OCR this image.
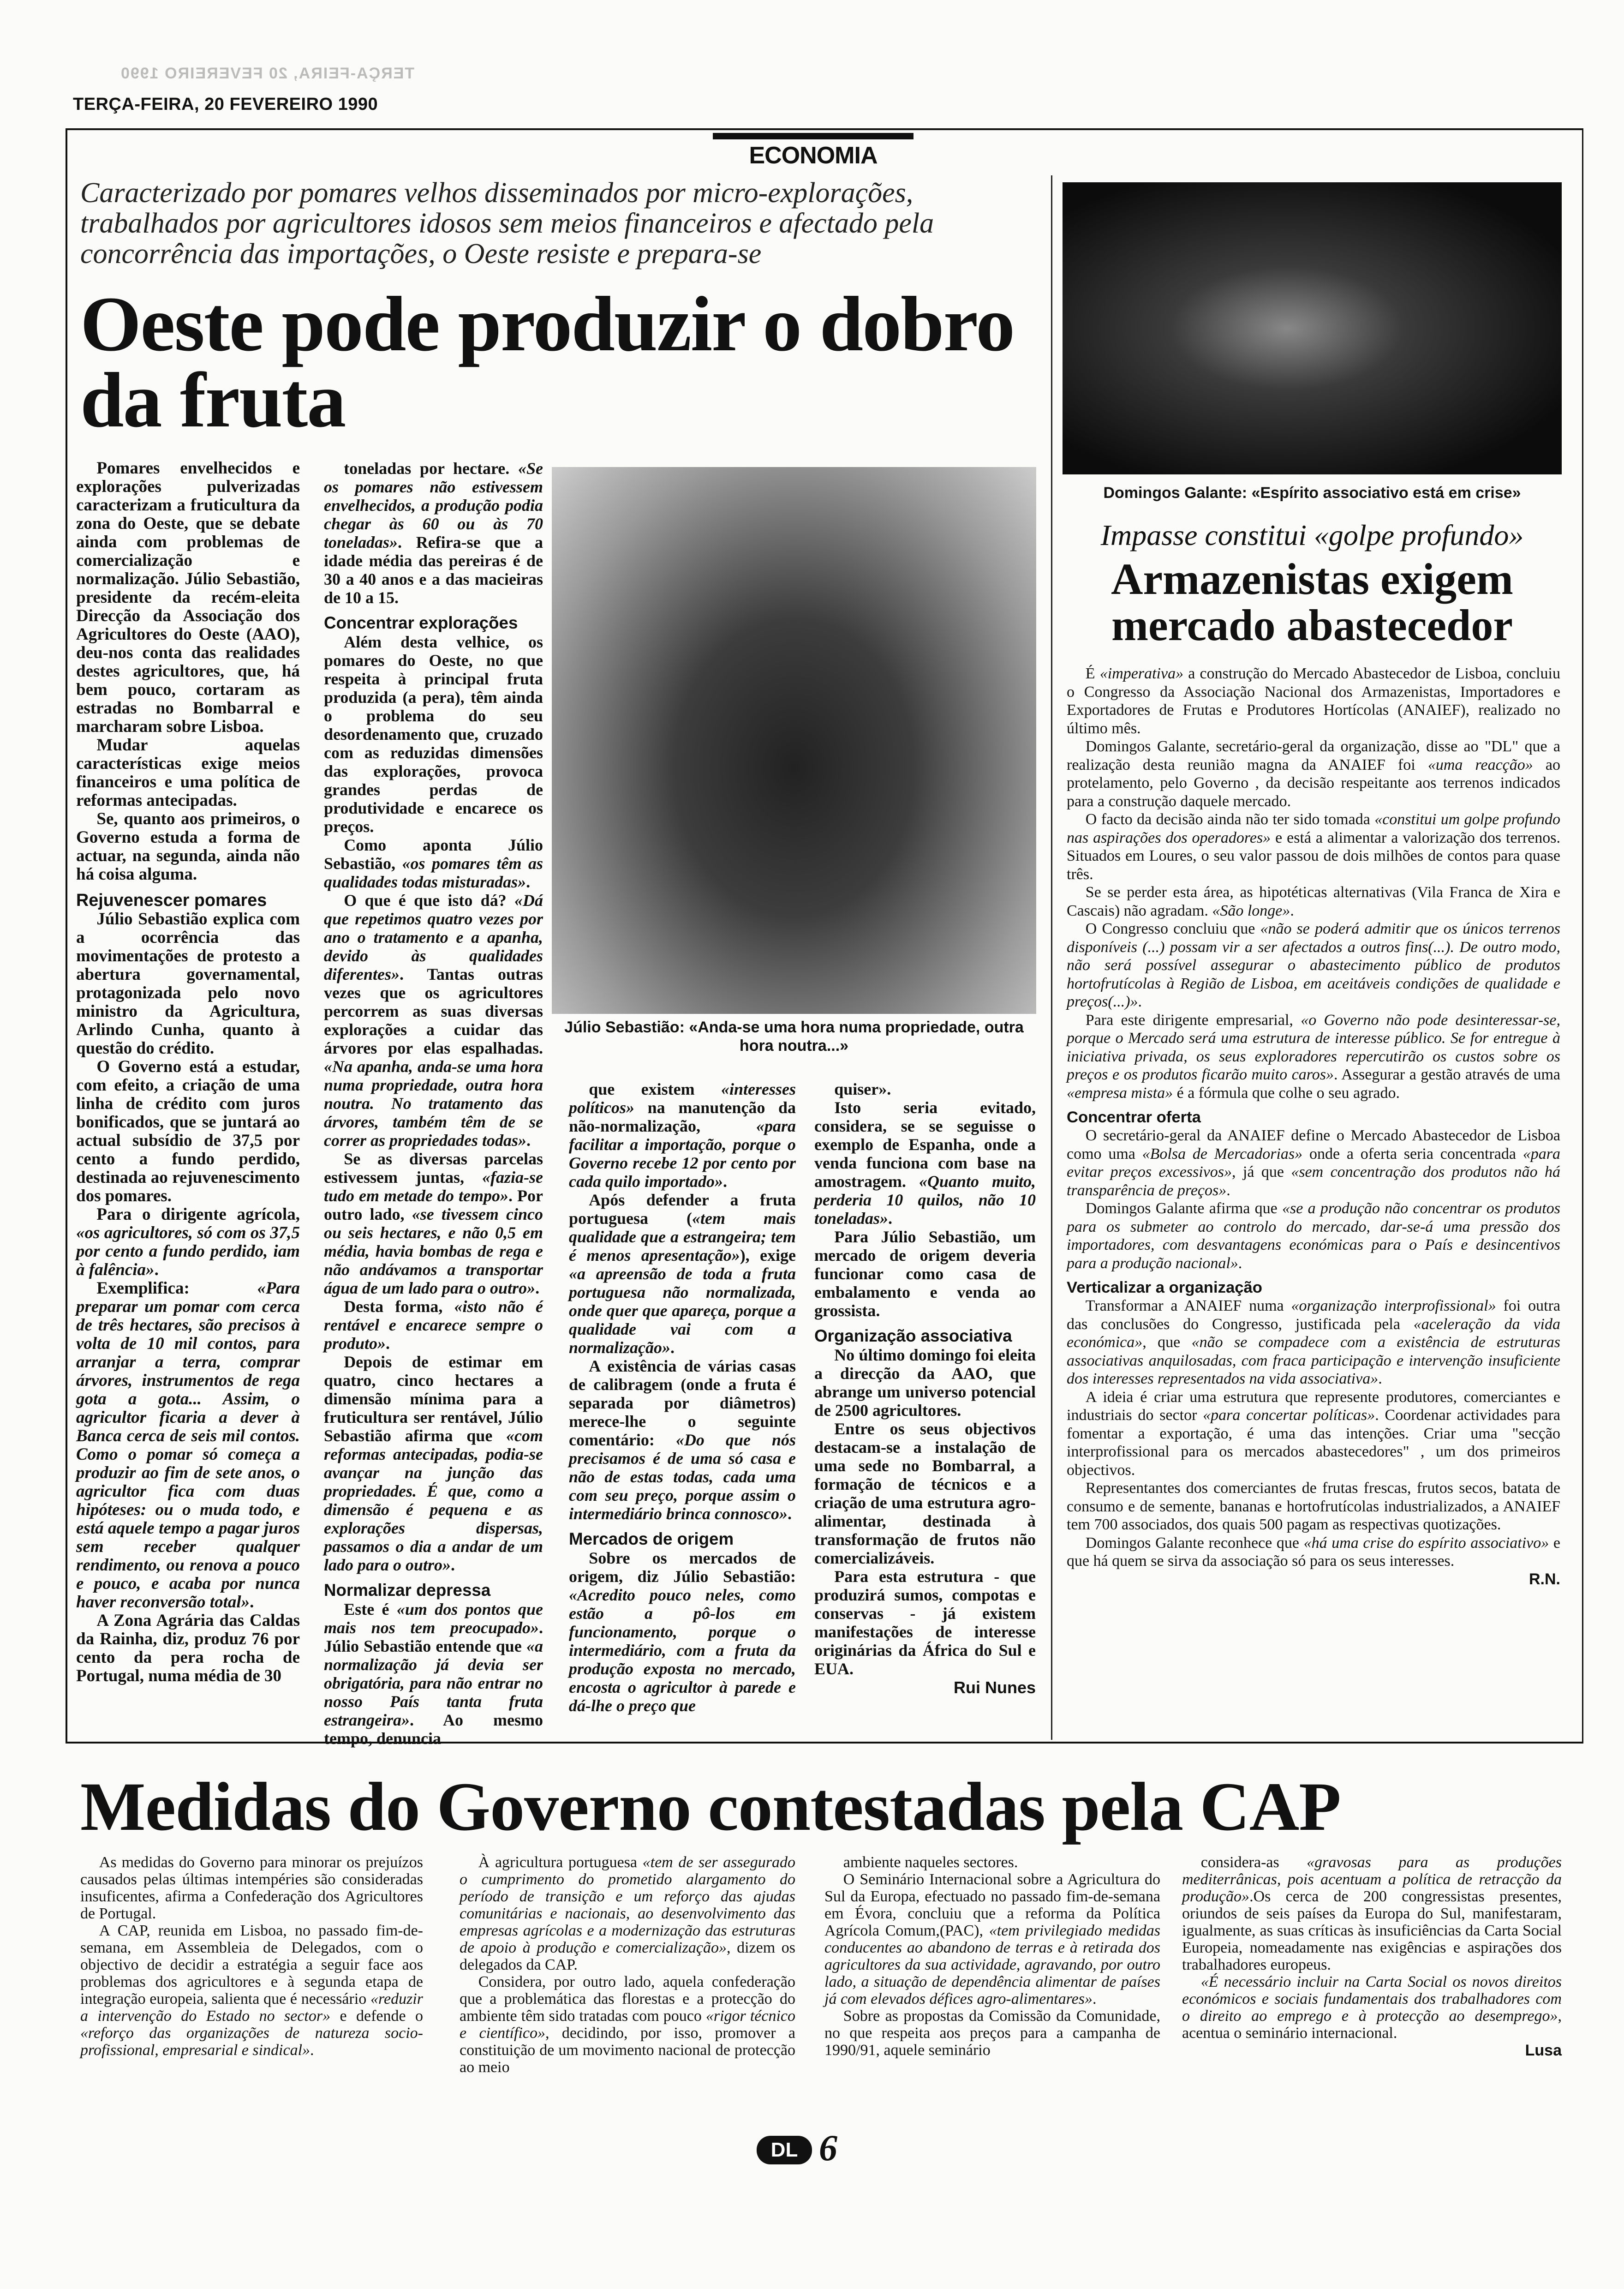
TERÇA-FEIRA, 20 FEVEREIRO 1990
TERÇA-FEIRA, 20 FEVEREIRO 1990
ECONOMIA
Caracterizado por pomares velhos disseminados por micro-explorações, trabalhados por agricultores idosos sem meios financeiros e afectado pela concorrência das importações, o Oeste resiste e prepara-se
Oeste pode produzir o dobro da fruta

Pomares envelhecidos e explorações pulverizadas caracterizam a fruticultura da zona do Oeste, que se debate ainda com problemas de comercialização e normalização. Júlio Sebastião, presidente da recém-eleita Direcção da Associação dos Agricultores do Oeste (AAO), deu-nos conta das realidades destes agricultores, que, há bem pouco, cortaram as estradas no Bombarral e marcharam sobre Lisboa.

Mudar aquelas características exige meios financeiros e uma política de reformas antecipadas.

Se, quanto aos primeiros, o Governo estuda a forma de actuar, na segunda, ainda não há coisa alguma.

Rejuvenescer pomares

Júlio Sebastião explica com a ocorrência das movimentações de protesto a abertura governamental, protagonizada pelo novo ministro da Agricultura, Arlindo Cunha, quanto à questão do crédito.

O Governo está a estudar, com efeito, a criação de uma linha de crédito com juros bonificados, que se juntará ao actual subsídio de 37,5 por cento a fundo perdido, destinada ao rejuvenescimento dos pomares.

Para o dirigente agrícola, «os agricultores, só com os 37,5 por cento a fundo perdido, iam à falência».

Exemplifica: «Para preparar um pomar com cerca de três hectares, são precisos à volta de 10 mil contos, para arranjar a terra, comprar árvores, instrumentos de rega gota a gota... Assim, o agricultor ficaria a dever à Banca cerca de seis mil contos. Como o pomar só começa a produzir ao fim de sete anos, o agricultor fica com duas hipóteses: ou o muda todo, e está aquele tempo a pagar juros sem receber qualquer rendimento, ou renova a pouco e pouco, e acaba por nunca haver reconversão total».

A Zona Agrária das Caldas da Rainha, diz, produz 76 por cento da pera rocha de Portugal, numa média de 30

toneladas por hectare. «Se os pomares não estivessem envelhecidos, a produção podia chegar às 60 ou às 70 toneladas». Refira-se que a idade média das pereiras é de 30 a 40 anos e a das macieiras de 10 a 15.

Concentrar explorações

Além desta velhice, os pomares do Oeste, no que respeita à principal fruta produzida (a pera), têm ainda o problema do seu desordenamento que, cruzado com as reduzidas dimensões das explorações, provoca grandes perdas de produtividade e encarece os preços.

Como aponta Júlio Sebastião, «os pomares têm as qualidades todas misturadas».

O que é que isto dá? «Dá que repetimos quatro vezes por ano o tratamento e a apanha, devido às qualidades diferentes». Tantas outras vezes que os agricultores percorrem as suas diversas explorações a cuidar das árvores por elas espalhadas. «Na apanha, anda-se uma hora numa propriedade, outra hora noutra. No tratamento das árvores, também têm de se correr as propriedades todas».

Se as diversas parcelas estivessem juntas, «fazia-se tudo em metade do tempo». Por outro lado, «se tivessem cinco ou seis hectares, e não 0,5 em média, havia bombas de rega e não andávamos a transportar água de um lado para o outro».

Desta forma, «isto não é rentável e encarece sempre o produto».

Depois de estimar em quatro, cinco hectares a dimensão mínima para a fruticultura ser rentável, Júlio Sebastião afirma que «com reformas antecipadas, podia-se avançar na junção das propriedades. É que, como a dimensão é pequena e as explorações dispersas, passamos o dia a andar de um lado para o outro».

Normalizar depressa

Este é «um dos pontos que mais nos tem preocupado». Júlio Sebastião entende que «a normalização já devia ser obrigatória, para não entrar no nosso País tanta fruta estrangeira». Ao mesmo tempo, denuncia

Júlio Sebastião: «Anda-se uma hora numa propriedade, outra hora noutra...»

que existem «interesses políticos» na manutenção da não-normalização, «para facilitar a importação, porque o Governo recebe 12 por cento por cada quilo importado».

Após defender a fruta portuguesa («tem mais qualidade que a estrangeira; tem é menos apresentação»), exige «a apreensão de toda a fruta portuguesa não normalizada, onde quer que apareça, porque a qualidade vai com a normalização».

A existência de várias casas de calibragem (onde a fruta é separada por diâmetros) merece-lhe o seguinte comentário: «Do que nós precisamos é de uma só casa e não de estas todas, cada uma com seu preço, porque assim o intermediário brinca connosco».

Mercados de origem

Sobre os mercados de origem, diz Júlio Sebastião: «Acredito pouco neles, como estão a pô-los em funcionamento, porque o intermediário, com a fruta da produção exposta no mercado, encosta o agricultor à parede e dá-lhe o preço que

quiser».

Isto seria evitado, considera, se se seguisse o exemplo de Espanha, onde a venda funciona com base na amostragem. «Quanto muito, perderia 10 quilos, não 10 toneladas».

Para Júlio Sebastião, um mercado de origem deveria funcionar como casa de embalamento e venda ao grossista.

Organização associativa

No último domingo foi eleita a direcção da AAO, que abrange um universo potencial de 2500 agricultores.

Entre os seus objectivos destacam-se a instalação de uma sede no Bombarral, a formação de técnicos e a criação de uma estrutura agro-alimentar, destinada à transformação de frutos não comercializáveis.

Para esta estrutura - que produzirá sumos, compotas e conservas - já existem manifestações de interesse originárias da África do Sul e EUA.

Rui Nunes

Domingos Galante: «Espírito associativo está em crise»
Impasse constitui «golpe profundo»
Armazenistas exigem mercado abastecedor

É «imperativa» a construção do Mercado Abastecedor de Lisboa, concluiu o Congresso da Associação Nacional dos Armazenistas, Importadores e Exportadores de Frutas e Produtores Hortícolas (ANAIEF), realizado no último mês.

Domingos Galante, secretário-geral da organização, disse ao "DL" que a realização desta reunião magna da ANAIEF foi «uma reacção» ao protelamento, pelo Governo , da decisão respeitante aos terrenos indicados para a construção daquele mercado.

O facto da decisão ainda não ter sido tomada «constitui um golpe profundo nas aspirações dos operadores» e está a alimentar a valorização dos terrenos. Situados em Loures, o seu valor passou de dois milhões de contos para quase três.

Se se perder esta área, as hipotéticas alternativas (Vila Franca de Xira e Cascais) não agradam. «São longe».

O Congresso concluiu que «não se poderá admitir que os únicos terrenos disponíveis (...) possam vir a ser afectados a outros fins(...). De outro modo, não será possível assegurar o abastecimento público de produtos hortofrutícolas à Região de Lisboa, em aceitáveis condições de qualidade e preços(...)».

Para este dirigente empresarial, «o Governo não pode desinteressar-se, porque o Mercado será uma estrutura de interesse público. Se for entregue à iniciativa privada, os seus exploradores repercutirão os custos sobre os preços e os produtos ficarão muito caros». Assegurar a gestão através de uma «empresa mista» é a fórmula que colhe o seu agrado.

Concentrar oferta

O secretário-geral da ANAIEF define o Mercado Abastecedor de Lisboa como uma «Bolsa de Mercadorias» onde a oferta seria concentrada «para evitar preços excessivos», já que «sem concentração dos produtos não há transparência de preços».

Domingos Galante afirma que «se a produção não concentrar os produtos para os submeter ao controlo do mercado, dar-se-á uma pressão dos importadores, com desvantagens económicas para o País e desincentivos para a produção nacional».

Verticalizar a organização

Transformar a ANAIEF numa «organização interprofissional» foi outra das conclusões do Congresso, justificada pela «aceleração da vida económica», que «não se compadece com a existência de estruturas associativas anquilosadas, com fraca participação e intervenção insuficiente dos interesses representados na vida associativa».

A ideia é criar uma estrutura que represente produtores, comerciantes e industriais do sector «para concertar políticas». Coordenar actividades para fomentar a exportação, é uma das intenções. Criar uma "secção interprofissional para os mercados abastecedores" , um dos primeiros objectivos.

Representantes dos comerciantes de frutas frescas, frutos secos, batata de consumo e de semente, bananas e hortofrutícolas industrializados, a ANAIEF tem 700 associados, dos quais 500 pagam as respectivas quotizações.

Domingos Galante reconhece que «há uma crise do espírito associativo» e que há quem se sirva da associação só para os seus interesses.

R.N.

Medidas do Governo contestadas pela CAP

As medidas do Governo para minorar os prejuízos causados pelas últimas intempéries são consideradas insuficentes, afirma a Confederação dos Agricultores de Portugal.

A CAP, reunida em Lisboa, no passado fim-de-semana, em Assembleia de Delegados, com o objectivo de decidir a estratégia a seguir face aos problemas dos agricultores e à segunda etapa de integração europeia, salienta que é necessário «reduzir a intervenção do Estado no sector» e defende o «reforço das organizações de natureza socio-profissional, empresarial e sindical».

À agricultura portuguesa «tem de ser assegurado o cumprimento do prometido alargamento do período de transição e um reforço das ajudas comunitárias e nacionais, ao desenvolvimento das empresas agrícolas e a modernização das estruturas de apoio à produção e comercialização», dizem os delegados da CAP.

Considera, por outro lado, aquela confederação que a problemática das florestas e a protecção do ambiente têm sido tratadas com pouco «rigor técnico e científico», decidindo, por isso, promover a constituição de um movimento nacional de protecção ao meio

ambiente naqueles sectores.

O Seminário Internacional sobre a Agricultura do Sul da Europa, efectuado no passado fim-de-semana em Évora, concluiu que a reforma da Política Agrícola Comum,(PAC), «tem privilegiado medidas conducentes ao abandono de terras e à retirada dos agricultores da sua actividade, agravando, por outro lado, a situação de dependência alimentar de países já com elevados défices agro-alimentares».

Sobre as propostas da Comissão da Comunidade, no que respeita aos preços para a campanha de 1990/91, aquele seminário

considera-as «gravosas para as produções mediterrânicas, pois acentuam a política de retracção da produção».Os cerca de 200 congressistas presentes, oriundos de seis países da Europa do Sul, manifestaram, igualmente, as suas críticas às insuficiências da Carta Social Europeia, nomeadamente nas exigências e aspirações dos trabalhadores europeus.

«É necessário incluir na Carta Social os novos direitos económicos e sociais fundamentais dos trabalhadores com o direito ao emprego e à protecção ao desemprego», acentua o seminário internacional.

Lusa

DL 6
